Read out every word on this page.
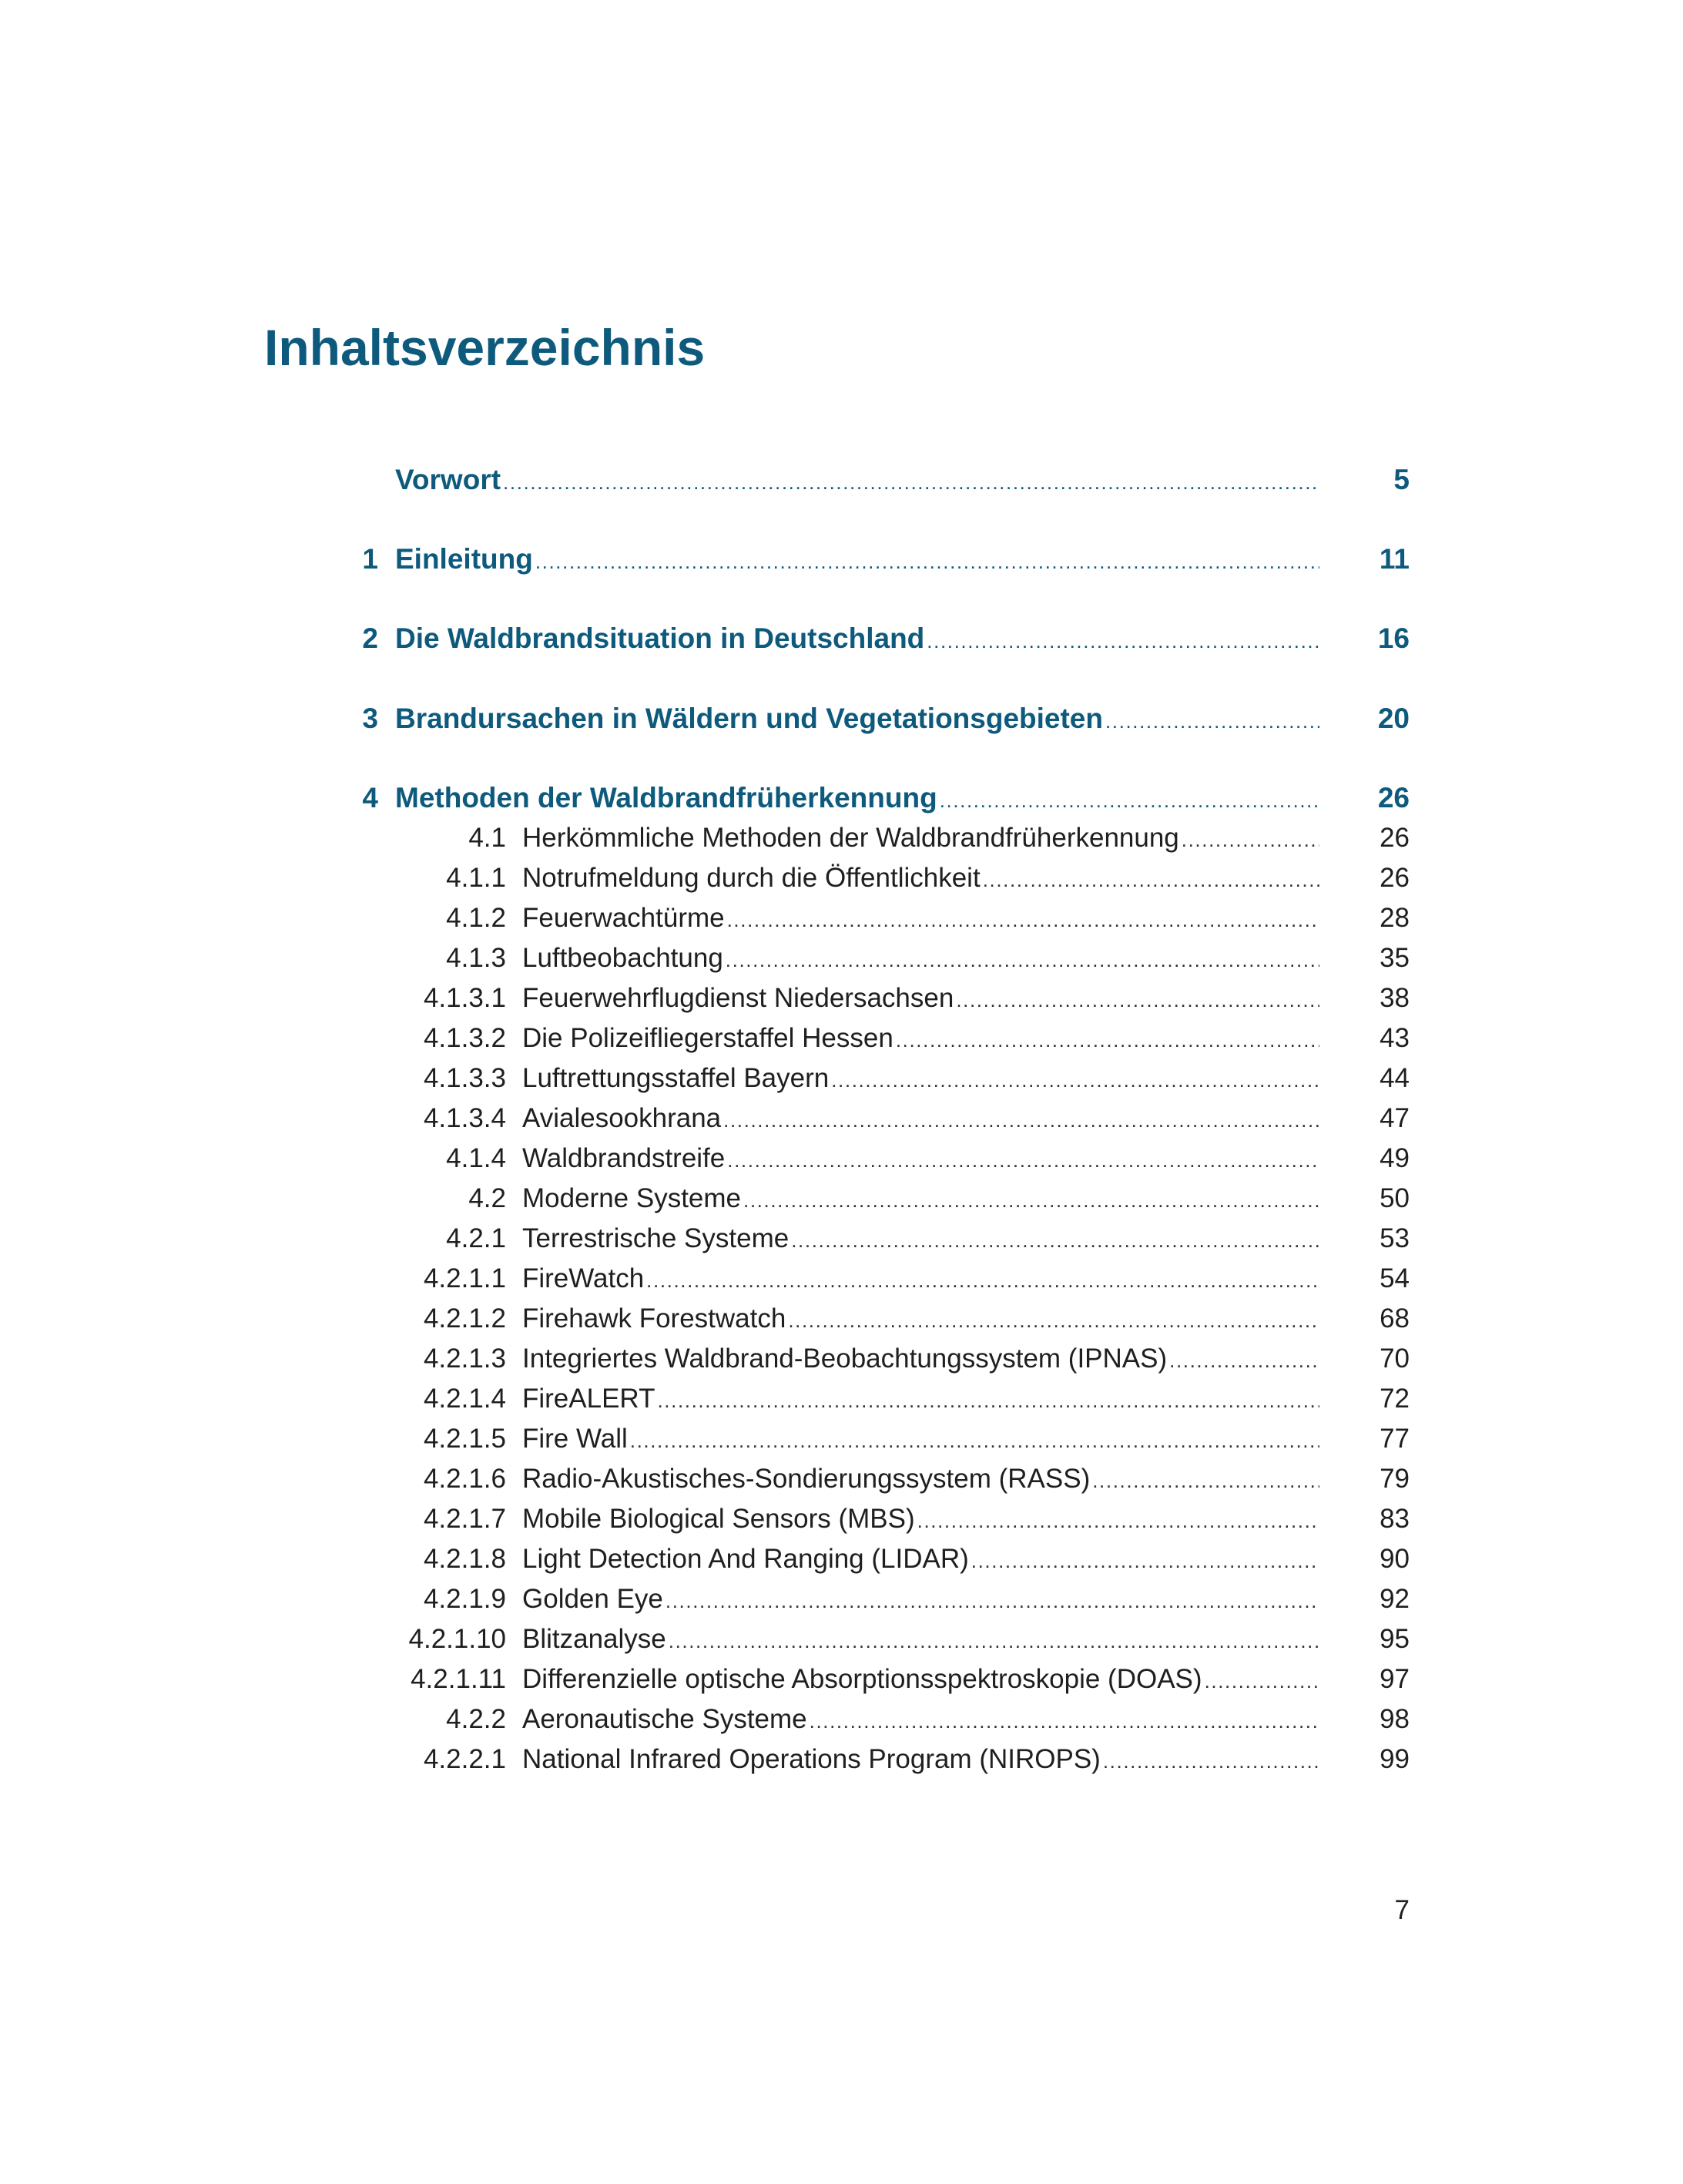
Inhaltsverzeichnis
Vorwort .....	5
1 Einleitung .....	11
2 Die Waldbrandsituation in Deutschland .....	16
3 Brandursachen in Wäldern und Vegetationsgebieten .....	20
4 Methoden der Waldbrandfrüherkennung .....	26
4.1 Herkömmliche Methoden der Waldbrandfrüherkennung .....	26
4.1.1 Notrufmeldung durch die Öffentlichkeit .....	26
4.1.2 Feuerwachtürme .....	28
4.1.3 Luftbeobachtung .....	35
4.1.3.1 Feuerwehrflugdienst Niedersachsen .....	38
4.1.3.2 Die Polizeifliegerstaffel Hessen .....	43
4.1.3.3 Luftrettungsstaffel Bayern .....	44
4.1.3.4 Avialesookhrana .....	47
4.1.4 Waldbrandstreife .....	49
4.2 Moderne Systeme .....	50
4.2.1 Terrestrische Systeme .....	53
4.2.1.1 FireWatch .....	54
4.2.1.2 Firehawk Forestwatch .....	68
4.2.1.3 Integriertes Waldbrand-Beobachtungssystem (IPNAS) .....	70
4.2.1.4 FireALERT .....	72
4.2.1.5 Fire Wall .....	77
4.2.1.6 Radio-Akustisches-Sondierungssystem (RASS) .....	79
4.2.1.7 Mobile Biological Sensors (MBS) .....	83
4.2.1.8 Light Detection And Ranging (LIDAR) .....	90
4.2.1.9 Golden Eye .....	92
4.2.1.10 Blitzanalyse .....	95
4.2.1.11 Differenzielle optische Absorptionsspektroskopie (DOAS) .....	97
4.2.2 Aeronautische Systeme .....	98
4.2.2.1 National Infrared Operations Program (NIROPS) .....	99
7
